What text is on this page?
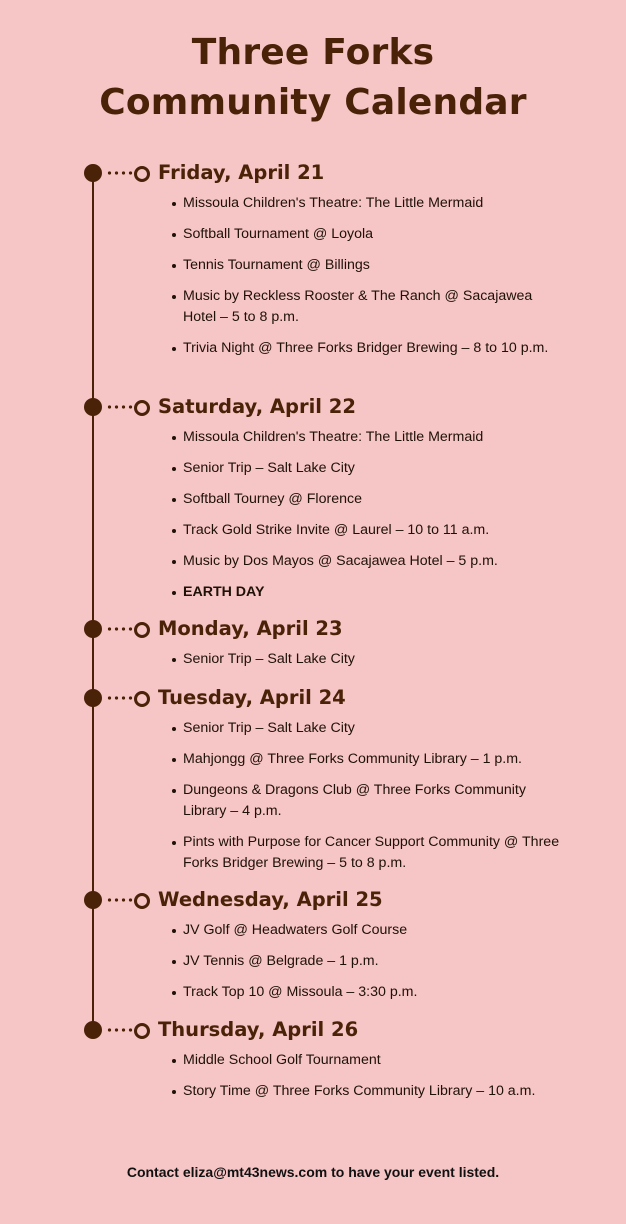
Three Forks
Community Calendar
Friday, April 21
Missoula Children's Theatre: The Little Mermaid
Softball Tournament @ Loyola
Tennis Tournament @ Billings
Music by Reckless Rooster & The Ranch @ Sacajawea Hotel – 5 to 8 p.m.
Trivia Night @ Three Forks Bridger Brewing – 8 to 10 p.m.
Saturday, April 22
Missoula Children's Theatre: The Little Mermaid
Senior Trip – Salt Lake City
Softball Tourney @ Florence
Track Gold Strike Invite @ Laurel – 10 to 11 a.m.
Music by Dos Mayos @ Sacajawea Hotel – 5 p.m.
EARTH DAY
Monday, April 23
Senior Trip – Salt Lake City
Tuesday, April 24
Senior Trip – Salt Lake City
Mahjongg @ Three Forks Community Library – 1 p.m.
Dungeons & Dragons Club @ Three Forks Community Library – 4 p.m.
Pints with Purpose for Cancer Support Community @ Three Forks Bridger Brewing – 5 to 8 p.m.
Wednesday, April 25
JV Golf @ Headwaters Golf Course
JV Tennis @ Belgrade – 1 p.m.
Track Top 10 @ Missoula – 3:30 p.m.
Thursday, April 26
Middle School Golf Tournament
Story Time @ Three Forks Community Library – 10 a.m.

Contact eliza@mt43news.com to have your event listed.
